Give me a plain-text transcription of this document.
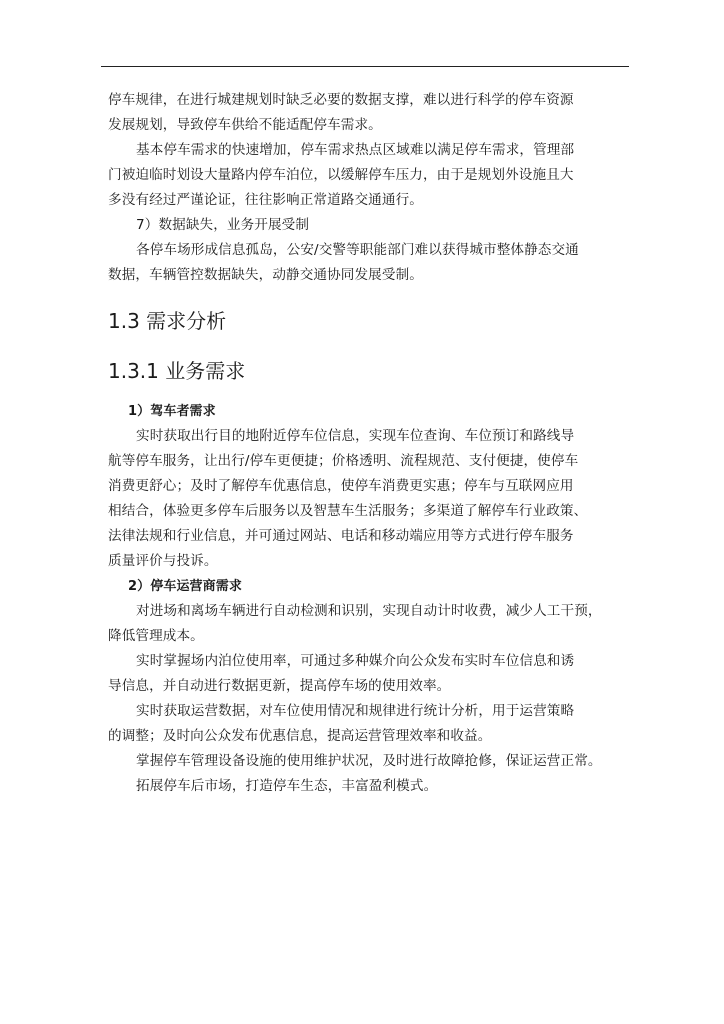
停车规律，在进行城建规划时缺乏必要的数据支撑，难以进行科学的停车资源
发展规划，导致停车供给不能适配停车需求。
基本停车需求的快速增加，停车需求热点区域难以满足停车需求，管理部
门被迫临时划设大量路内停车泊位，以缓解停车压力，由于是规划外设施且大
多没有经过严谨论证，往往影响正常道路交通通行。
7）数据缺失，业务开展受制
各停车场形成信息孤岛，公安/交警等职能部门难以获得城市整体静态交通
数据，车辆管控数据缺失，动静交通协同发展受制。
1.3 需求分析
1.3.1 业务需求
1）驾车者需求
实时获取出行目的地附近停车位信息，实现车位查询、车位预订和路线导
航等停车服务，让出行/停车更便捷；价格透明、流程规范、支付便捷，使停车
消费更舒心；及时了解停车优惠信息，使停车消费更实惠；停车与互联网应用
相结合，体验更多停车后服务以及智慧车生活服务；多渠道了解停车行业政策、
法律法规和行业信息，并可通过网站、电话和移动端应用等方式进行停车服务
质量评价与投诉。
2）停车运营商需求
对进场和离场车辆进行自动检测和识别，实现自动计时收费，减少人工干预，
降低管理成本。
实时掌握场内泊位使用率，可通过多种媒介向公众发布实时车位信息和诱
导信息，并自动进行数据更新，提高停车场的使用效率。
实时获取运营数据，对车位使用情况和规律进行统计分析，用于运营策略
的调整；及时向公众发布优惠信息，提高运营管理效率和收益。
掌握停车管理设备设施的使用维护状况，及时进行故障抢修，保证运营正常。
拓展停车后市场，打造停车生态，丰富盈利模式。
